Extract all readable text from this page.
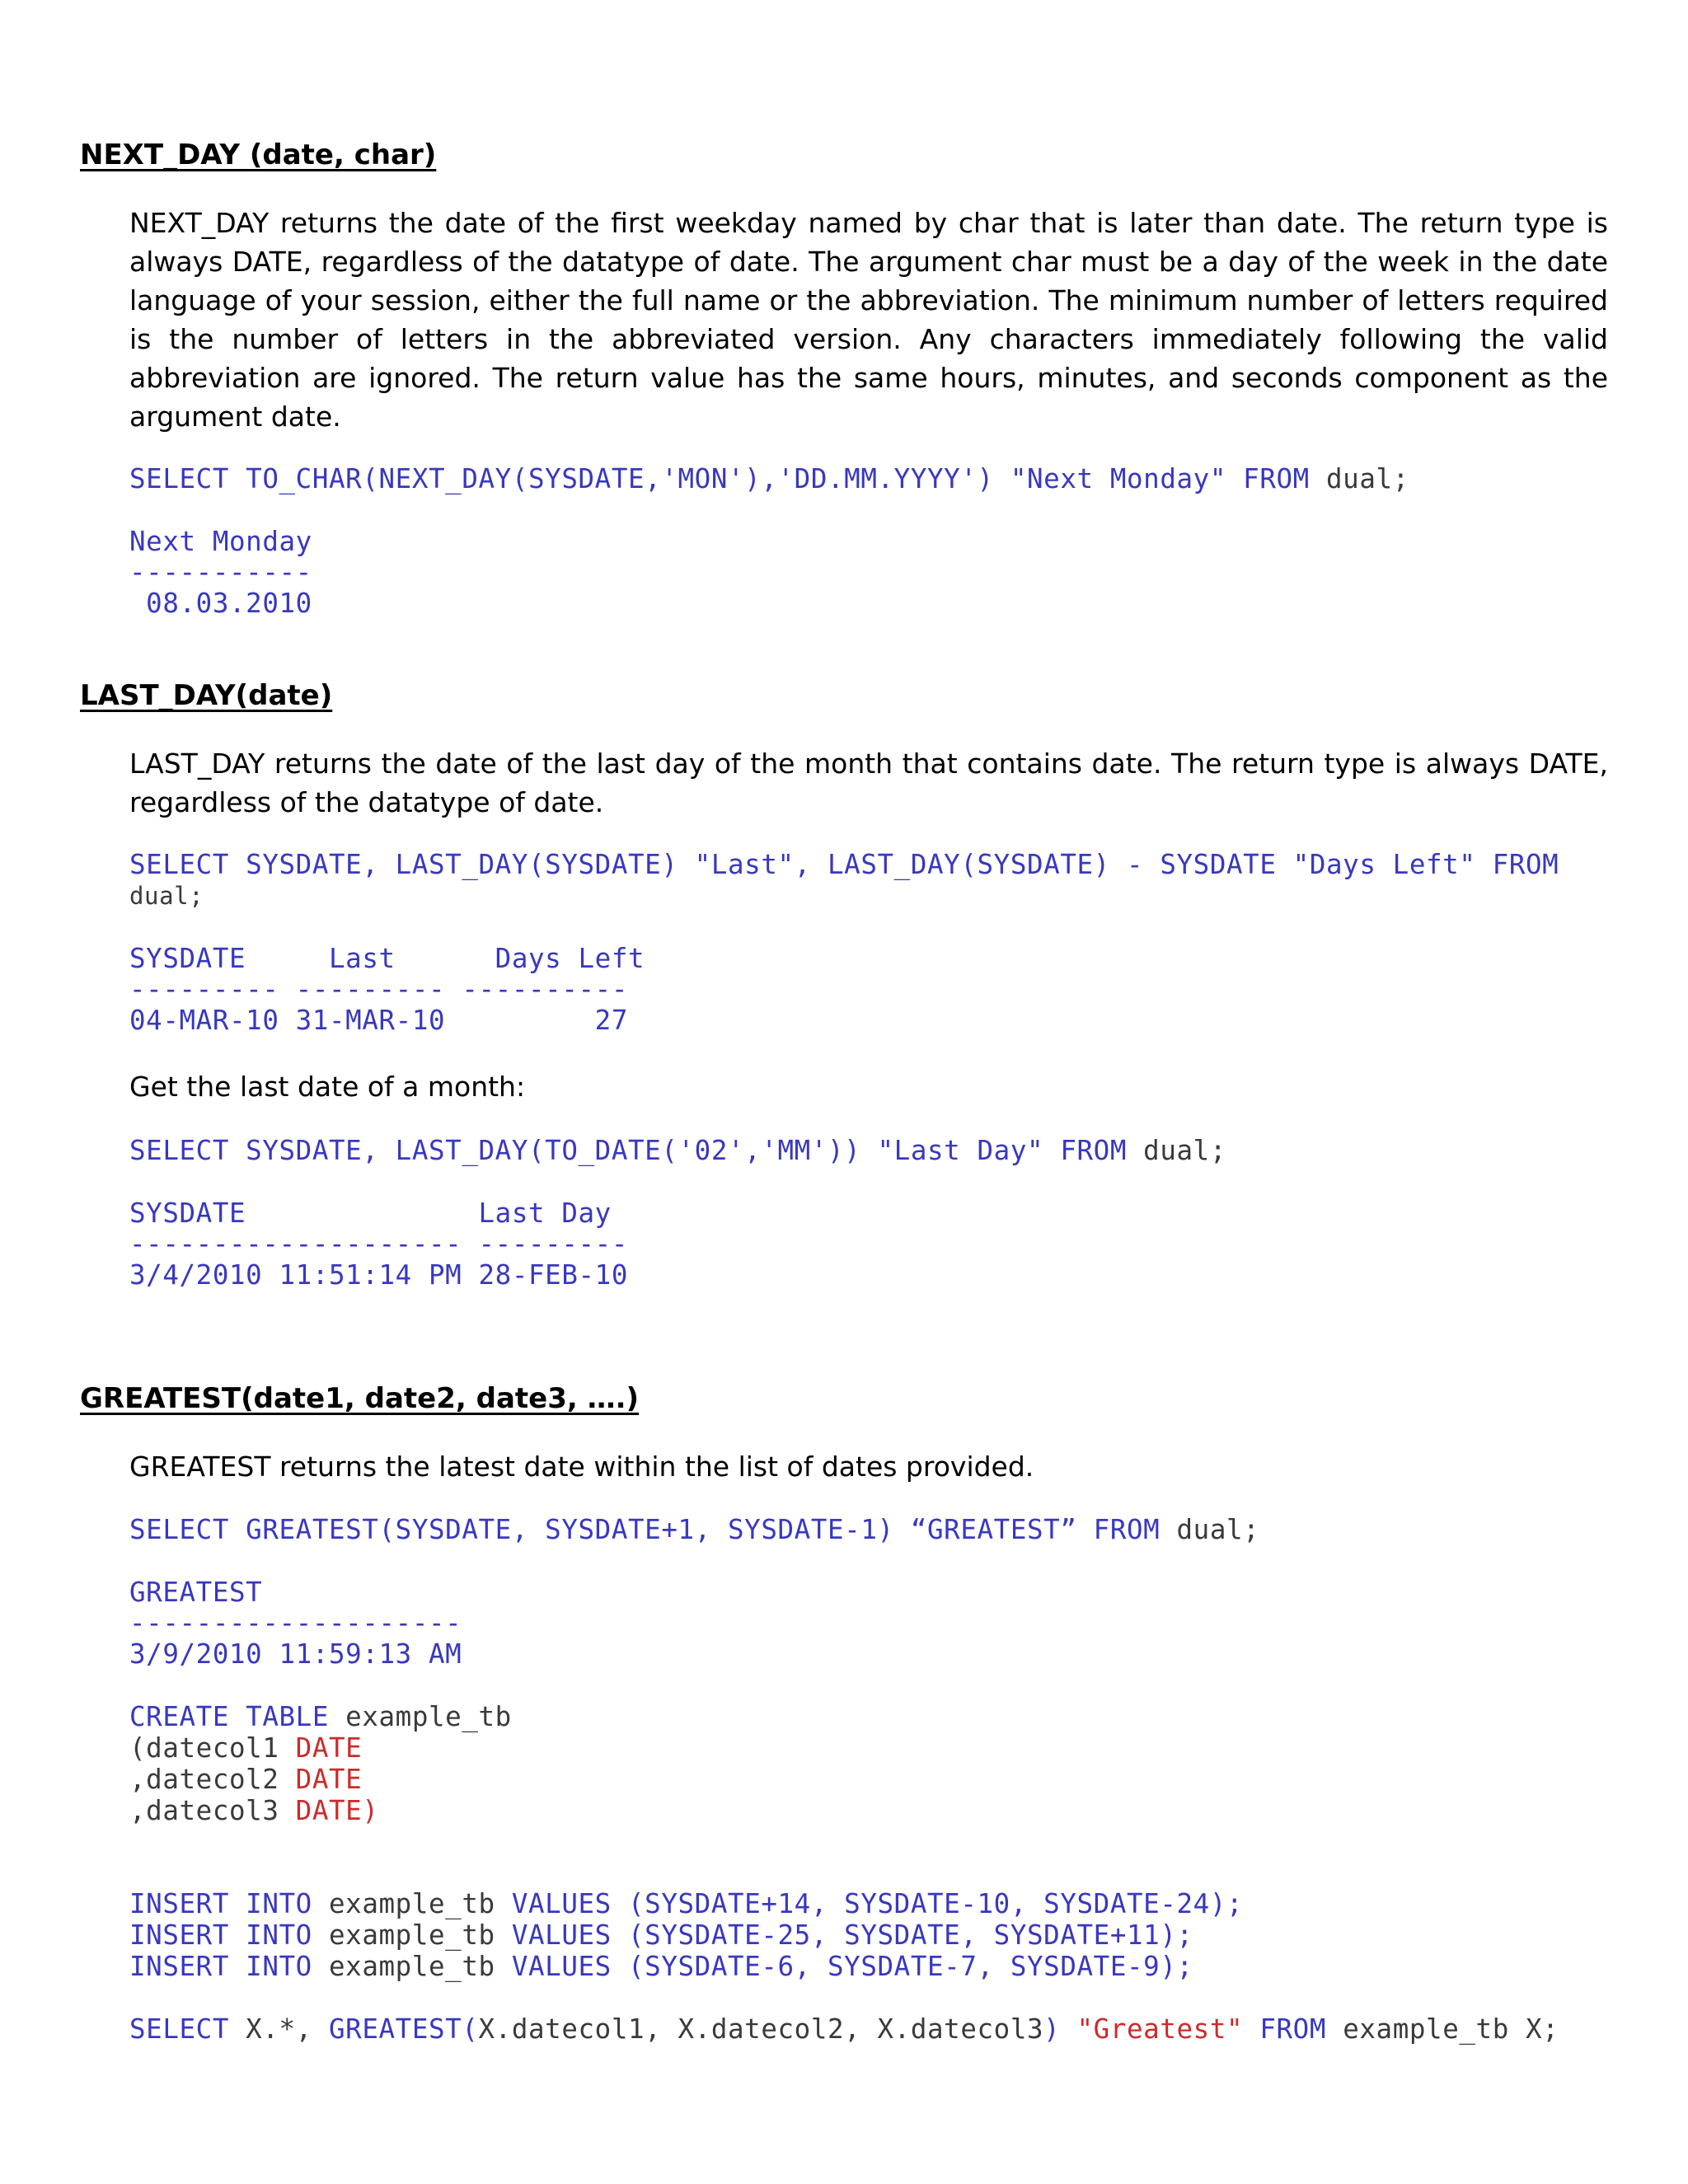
NEXT_DAY (date, char)
NEXT_DAY returns the date of the first weekday named by char that is later than date. The return type is always DATE, regardless of the datatype of date. The argument char must be a day of the week in the date language of your session, either the full name or the abbreviation. The minimum number of letters required is the number of letters in the abbreviated version. Any characters immediately following the valid abbreviation are ignored. The return value has the same hours, minutes, and seconds component as the argument date.
SELECT TO_CHAR(NEXT_DAY(SYSDATE,'MON'),'DD.MM.YYYY') "Next Monday" FROM dual;
Next Monday
-----------
08.03.2010
LAST_DAY(date)
LAST_DAY returns the date of the last day of the month that contains date. The return type is always DATE, regardless of the datatype of date.
SELECT SYSDATE, LAST_DAY(SYSDATE) "Last", LAST_DAY(SYSDATE) - SYSDATE "Days Left" FROM
dual;
SYSDATE     Last      Days Left
--------- --------- ----------
04-MAR-10 31-MAR-10         27
Get the last date of a month:
SELECT SYSDATE, LAST_DAY(TO_DATE('02','MM')) "Last Day" FROM dual;
SYSDATE              Last Day
-------------------- ---------
3/4/2010 11:51:14 PM 28-FEB-10
GREATEST(date1, date2, date3, ….)
GREATEST returns the latest date within the list of dates provided.
SELECT GREATEST(SYSDATE, SYSDATE+1, SYSDATE-1) “GREATEST” FROM dual;
GREATEST
--------------------
3/9/2010 11:59:13 AM
CREATE TABLE example_tb
(datecol1 DATE
,datecol2 DATE
,datecol3 DATE)
INSERT INTO example_tb VALUES (SYSDATE+14, SYSDATE-10, SYSDATE-24);
INSERT INTO example_tb VALUES (SYSDATE-25, SYSDATE, SYSDATE+11);
INSERT INTO example_tb VALUES (SYSDATE-6, SYSDATE-7, SYSDATE-9);
SELECT X.*, GREATEST(X.datecol1, X.datecol2, X.datecol3) "Greatest" FROM example_tb X;
